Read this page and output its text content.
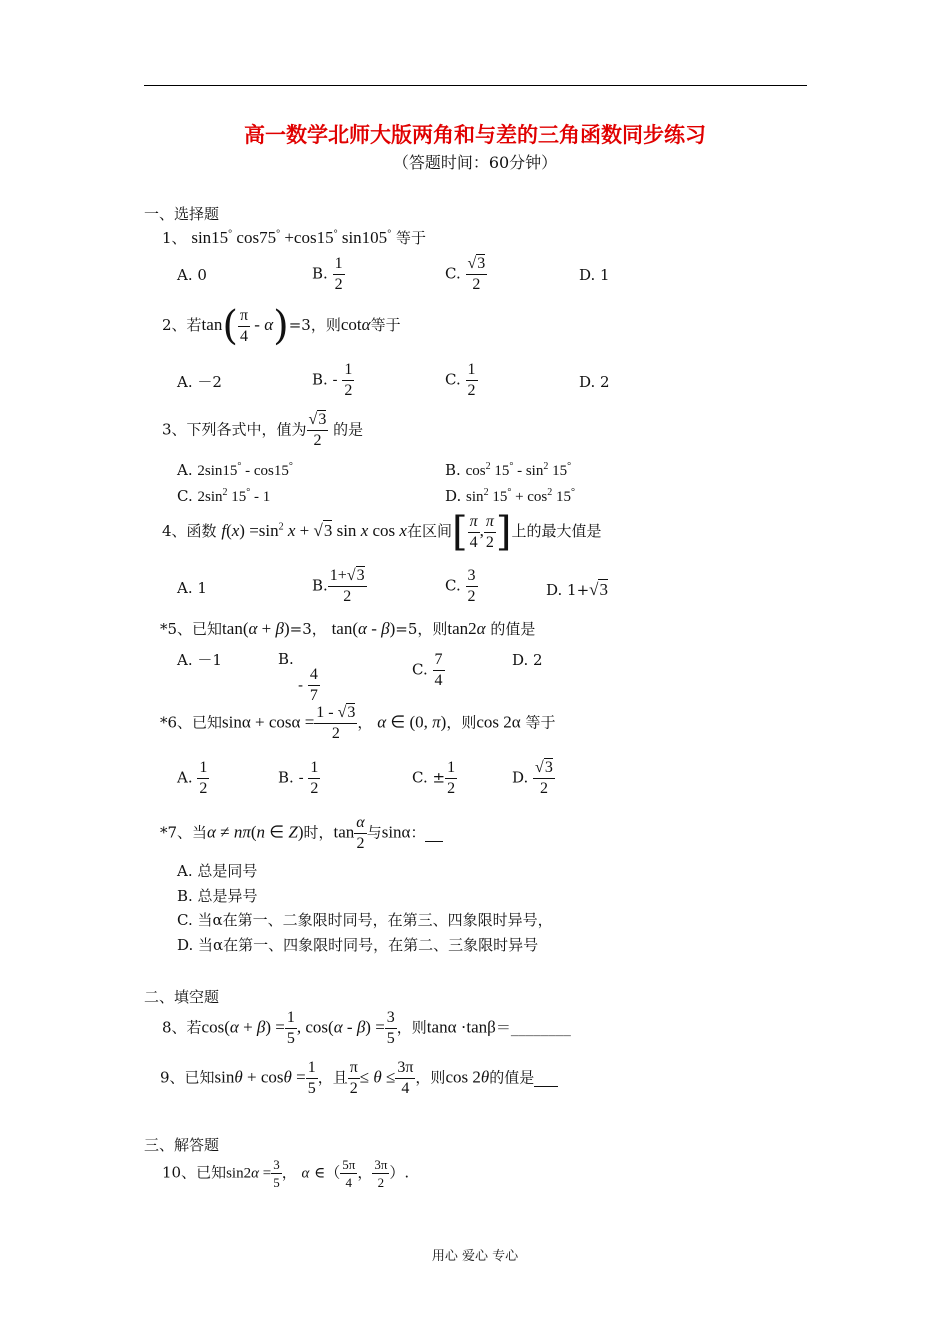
高一数学北师大版两角和与差的三角函数同步练习
（答题时间：60分钟）
一、选择题
1、 sin15° cos75° +cos15° sin105° 等于
A. 0	B. $\frac{1}{2}$	C. $\frac{√3}{2}$	D. 1
2、若$\tan( \frac{\pi}{4} - \alpha)=3$，则cotα等于
A. －2	B. - $\frac{1}{2}$	C. $\frac{1}{2}$	D. 2
3、下列各式中，值为 $\frac{√3}{2}$ 的是
A. 2sin15° - cos15°	B. $\cos^2 15^\circ - \sin^2 15^\circ$
C. $2\sin^2$ 15° - 1	D. $\sin^2 15^\circ + \cos^2 15^\circ$
4、函数 $f(x) =\sin^2$ x + √3 sin x cos x在区间[ $\frac{\pi}{4}$ , $\frac{\pi}{2}$ ]上的最大值是
A. 1	B. $\frac{1+√3}{2}$	C. $\frac{3}{2}$	D. 1+√3
*5、已知tan(α + β)=3， tan(α - β)=5，则tan2α 的值是
A. －1	B.
- $\frac{4}{7}$	C. $\frac{7}{4}$	D. 2
*6、已知$\sin\alpha + \cos\alpha = \frac{1 - √3}{2}$ ， α ∈ (0, π)，则cos 2α 等于
A. $\frac{1}{2}$	B. - $\frac{1}{2}$	C. ± $\frac{1}{2}$	D. $\frac{√3}{2}$
*7、当α ≠ nπ(n ∈ Z)时，$\tan \frac{\alpha}{2}$ 与sinα：
A. 总是同号
B. 总是异号
C. 当α在第一、二象限时同号，在第三、四象限时异号，
D. 当α在第一、四象限时同号，在第二、三象限时异号
二、填空题
8、若$\cos(\alpha + \beta) = \frac{1}{5}$ , $\cos(\alpha - \beta) = \frac{3}{5}$ ，则tanα ·tanβ＝________
9、已知$\sin\theta + \cos\theta = \frac{1}{5}$ ，且 $\frac{\pi}{2} \le \theta \le \frac{3\pi}{4}$ ，则cos 2θ的值是
三、解答题
10、已知$\sin 2\alpha = \frac{3}{5}$ ， α ∈（ $\frac{5\pi}{4}$ ， $\frac{3\pi}{2}$ ）.
用心 爱心 专心
